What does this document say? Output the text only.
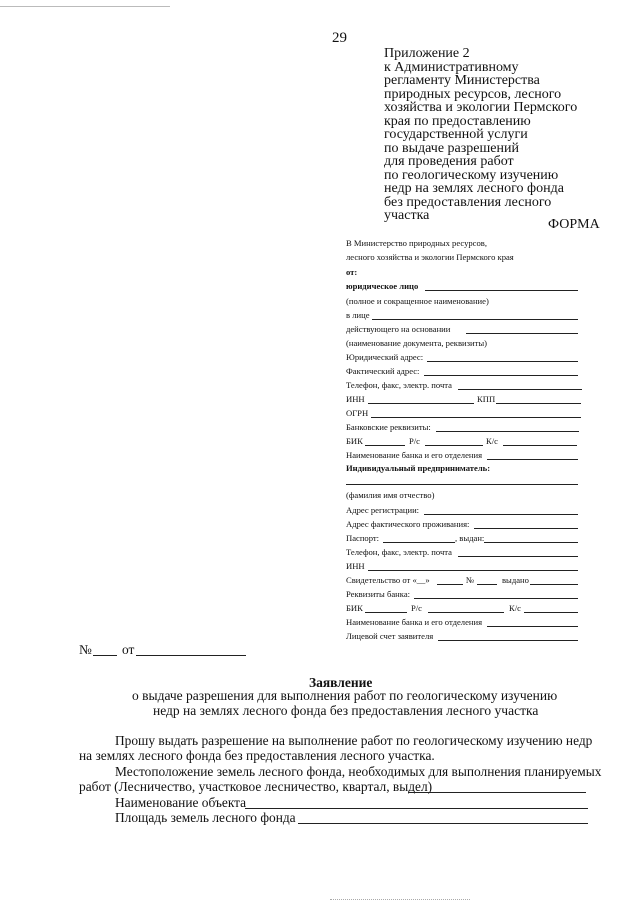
29
Приложение 2
к Административному
регламенту Министерства
природных ресурсов, лесного
хозяйства и экологии Пермского
края по предоставлению
государственной услуги
по выдаче разрешений
для проведения работ
по геологическому изучению
недр на землях лесного фонда
без предоставления лесного
участка
ФОРМА
В Министерство природных ресурсов,
лесного хозяйства и экологии Пермского края
от:
юридическое лицо
(полное и сокращенное наименование)
в лице
действующего на основании
(наименование документа, реквизиты)
Юридический адрес:
Фактический адрес:
Телефон, факс, электр. почта
ИНН	КПП
ОГРН
Банковские реквизиты:
БИК	Р/с	К/с
Наименование банка и его отделения
Индивидуальный предприниматель:
(фамилия имя отчество)
Адрес регистрации:
Адрес фактического проживания:
Паспорт:	, выдан:
Телефон, факс, электр. почта
ИНН
Свидетельство от «__»	№	выдано
Реквизиты банка:
БИК	Р/с	К/с
Наименование банка и его отделения
Лицевой счет заявителя
№ от
Заявление
о выдаче разрешения для выполнения работ по геологическому изучению
недр на землях лесного фонда без предоставления лесного участка
Прошу выдать разрешение на выполнение работ по геологическому изучению недр
на землях лесного фонда без предоставления лесного участка.
Местоположение земель лесного фонда, необходимых для выполнения планируемых
работ (Лесничество, участковое лесничество, квартал, выдел)
Наименование объекта
Площадь земель лесного фонда
